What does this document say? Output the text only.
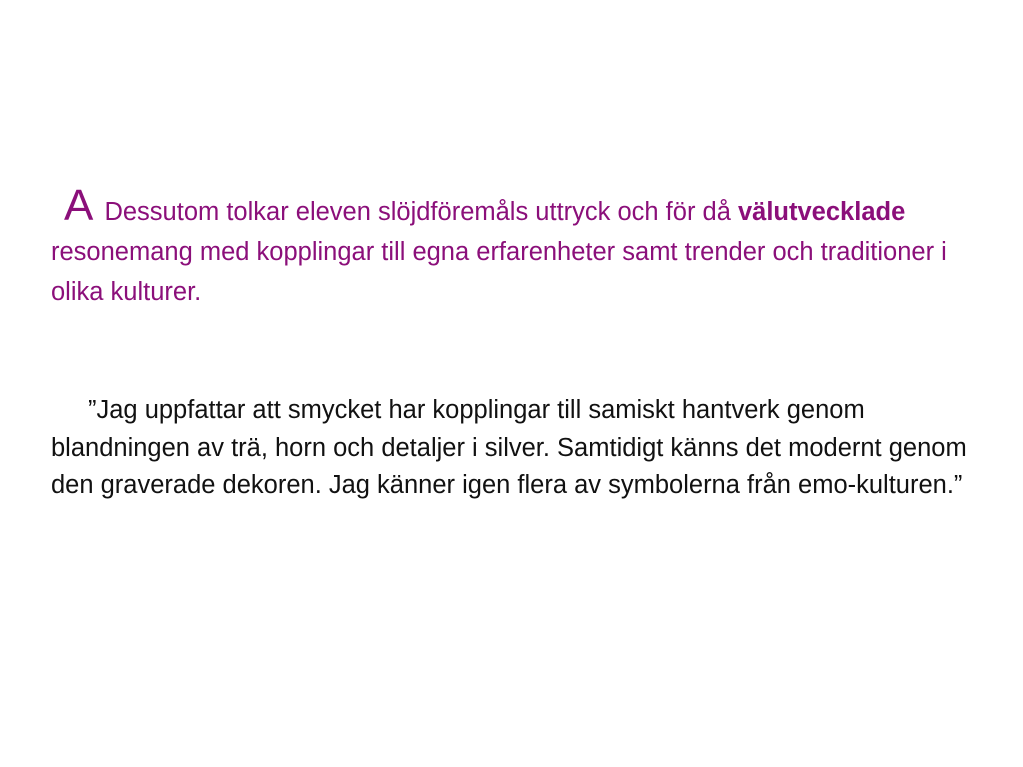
A Dessutom tolkar eleven slöjdföremåls uttryck och för då välutvecklade resonemang med kopplingar till egna erfarenheter samt trender och traditioner i olika kulturer.

”Jag uppfattar att smycket har kopplingar till samiskt hantverk genom blandningen av trä, horn och detaljer i silver. Samtidigt känns det modernt genom den graverade dekoren. Jag känner igen flera av symbolerna från emo-kulturen.”
